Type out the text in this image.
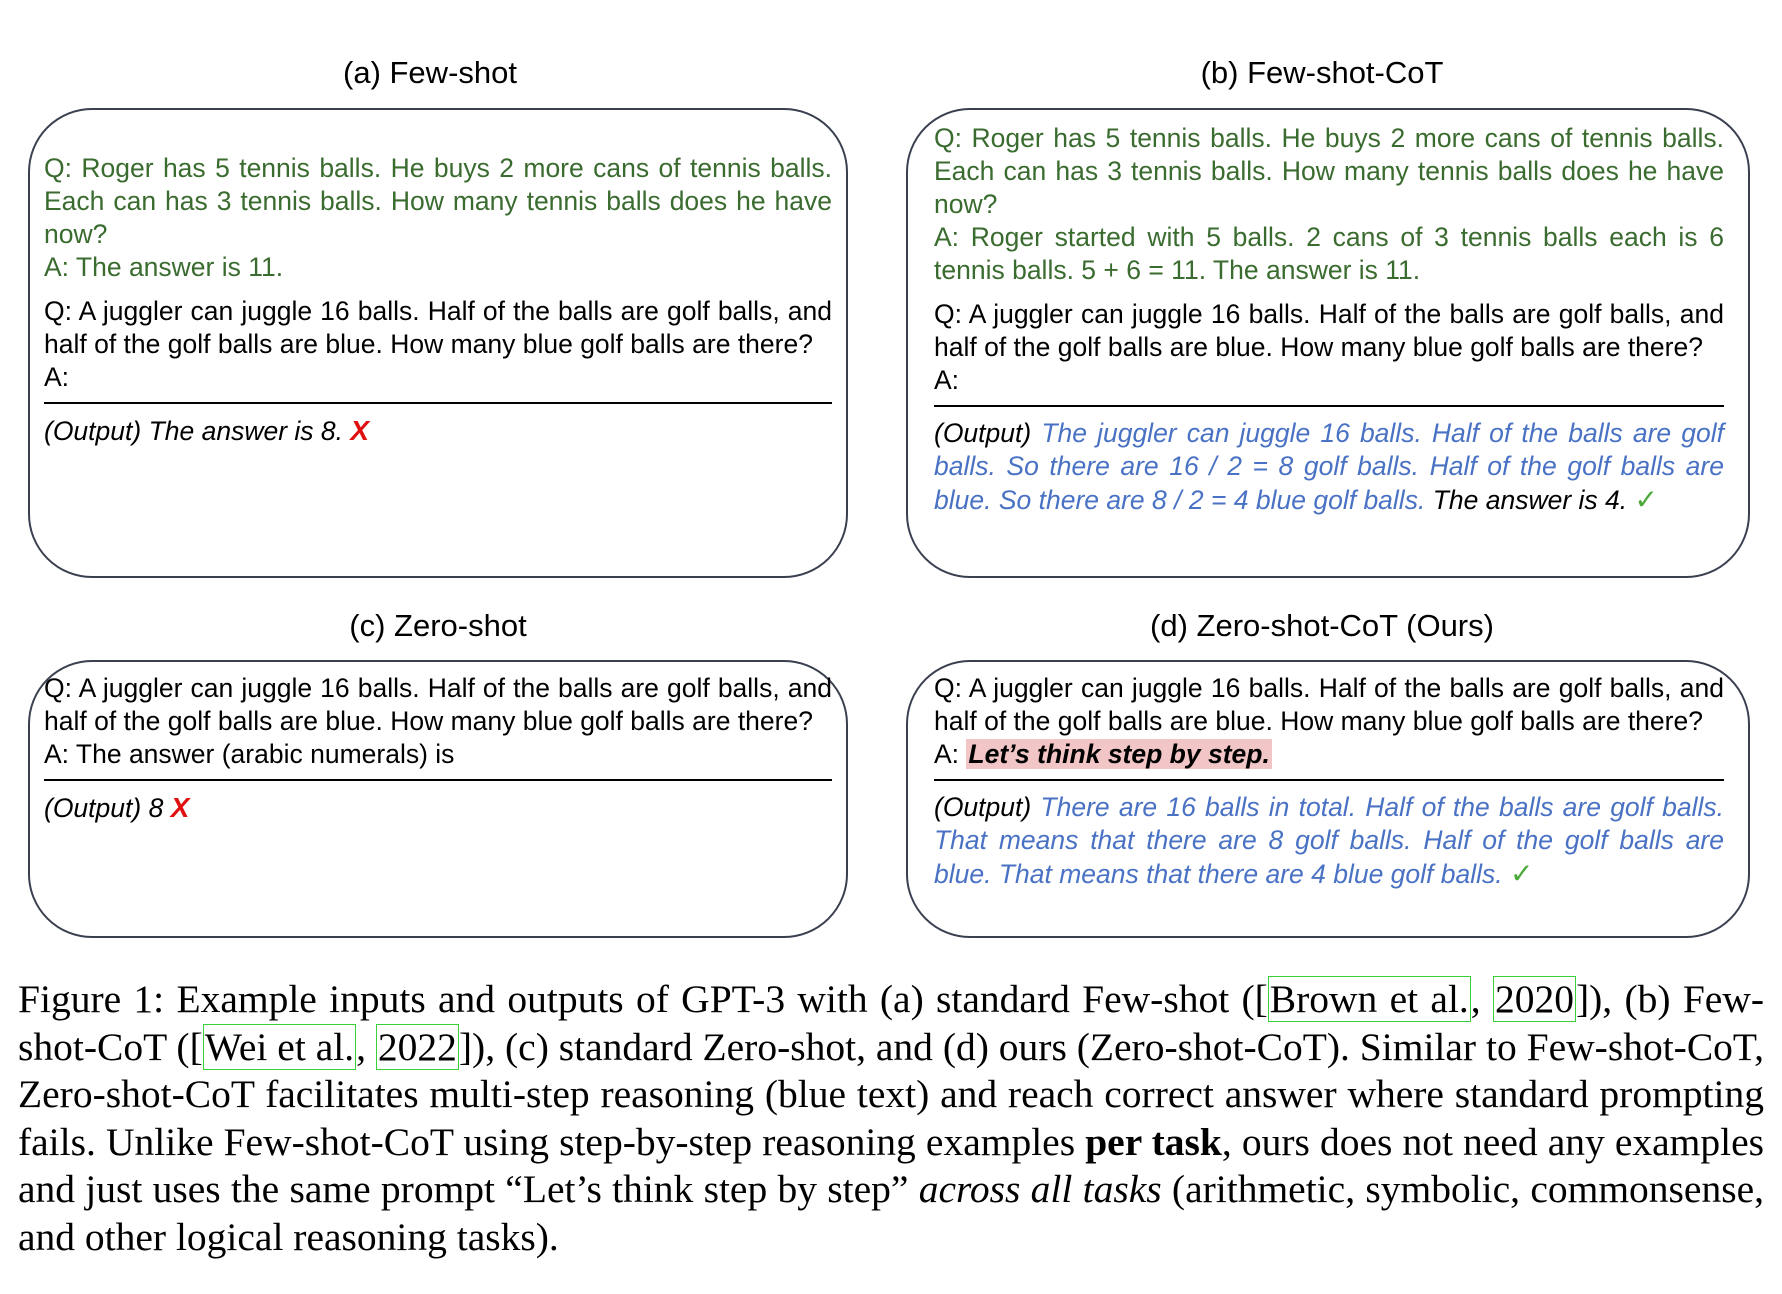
(a) Few-shot

Q: Roger has 5 tennis balls. He buys 2 more cans of tennis balls. Each can has 3 tennis balls. How many tennis balls does he have now?

A: The answer is 11.

Q: A juggler can juggle 16 balls. Half of the balls are golf balls, and half of the golf balls are blue. How many blue golf balls are there?

A:

(Output) The answer is 8. X

(b) Few-shot-CoT

Q: Roger has 5 tennis balls. He buys 2 more cans of tennis balls. Each can has 3 tennis balls. How many tennis balls does he have now?

A: Roger started with 5 balls. 2 cans of 3 tennis balls each is 6 tennis balls. 5 + 6 = 11. The answer is 11.

Q: A juggler can juggle 16 balls. Half of the balls are golf balls, and half of the golf balls are blue. How many blue golf balls are there?

A:

(Output) The juggler can juggle 16 balls. Half of the balls are golf balls. So there are 16 / 2 = 8 golf balls. Half of the golf balls are blue. So there are 8 / 2 = 4 blue golf balls. The answer is 4. ✓

(c) Zero-shot

Q: A juggler can juggle 16 balls. Half of the balls are golf balls, and half of the golf balls are blue. How many blue golf balls are there?

A: The answer (arabic numerals) is

(Output) 8 X

(d) Zero-shot-CoT (Ours)

Q: A juggler can juggle 16 balls. Half of the balls are golf balls, and half of the golf balls are blue. How many blue golf balls are there?

A: Let’s think step by step.

(Output) There are 16 balls in total. Half of the balls are golf balls. That means that there are 8 golf balls. Half of the golf balls are blue. That means that there are 4 blue golf balls. ✓

Figure 1: Example inputs and outputs of GPT-3 with (a) standard Few-shot ([Brown et al., 2020]), (b) Few-shot-CoT ([Wei et al., 2022]), (c) standard Zero-shot, and (d) ours (Zero-shot-CoT). Similar to Few-shot-CoT, Zero-shot-CoT facilitates multi-step reasoning (blue text) and reach correct answer where standard prompting fails. Unlike Few-shot-CoT using step-by-step reasoning examples per task, ours does not need any examples and just uses the same prompt “Let’s think step by step” across all tasks (arithmetic, symbolic, commonsense, and other logical reasoning tasks).
